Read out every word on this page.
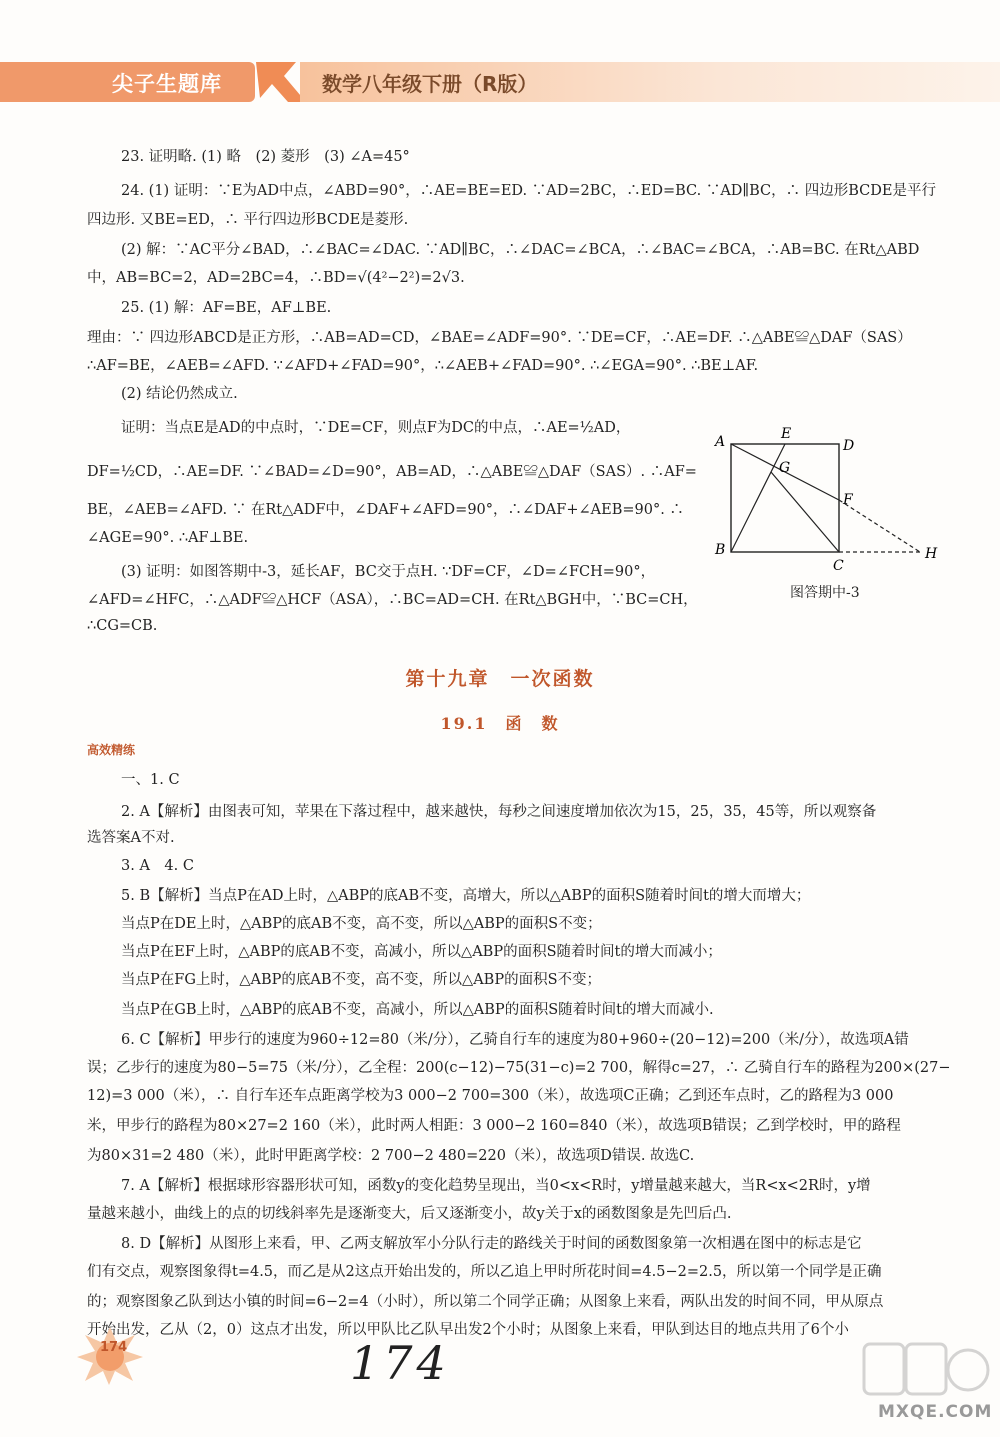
尖子生题库	数学八年级下册（R版）
23. 证明略. (1) 略　(2) 菱形　(3) ∠A=45°
24. (1) 证明：∵E为AD中点，∠ABD=90°，∴AE=BE=ED. ∵AD=2BC，∴ED=BC. ∵AD∥BC，∴ 四边形BCDE是平行
四边形. 又BE=ED，∴ 平行四边形BCDE是菱形.
(2) 解：∵AC平分∠BAD，∴∠BAC=∠DAC. ∵AD∥BC，∴∠DAC=∠BCA，∴∠BAC=∠BCA，∴AB=BC. 在Rt△ABD
中，AB=BC=2，AD=2BC=4，∴BD=√(4²−2²)=2√3.
25. (1) 解：AF=BE，AF⊥BE.
理由：∵ 四边形ABCD是正方形，∴AB=AD=CD，∠BAE=∠ADF=90°. ∵DE=CF，∴AE=DF. ∴△ABE≌△DAF（SAS）
∴AF=BE，∠AEB=∠AFD. ∵∠AFD+∠FAD=90°，∴∠AEB+∠FAD=90°. ∴∠EGA=90°. ∴BE⊥AF.
(2) 结论仍然成立.
证明：当点E是AD的中点时，∵DE=CF，则点F为DC的中点，∴AE=½AD，
DF=½CD，∴AE=DF. ∵∠BAD=∠D=90°，AB=AD，∴△ABE≌△DAF（SAS）. ∴AF=
BE，∠AEB=∠AFD. ∵ 在Rt△ADF中，∠DAF+∠AFD=90°，∴∠DAF+∠AEB=90°. ∴
∠AGE=90°. ∴AF⊥BE.
(3) 证明：如图答期中-3，延长AF，BC交于点H. ∵DF=CF，∠D=∠FCH=90°，
∠AFD=∠HFC，∴△ADF≌△HCF（ASA），∴BC=AD=CH. 在Rt△BGH中，∵BC=CH，
∴CG=CB.
A	E
D
G
F
B
C
H
图答期中-3
第十九章　一次函数
19.1　函　数
高效精练
一、1. C
2. A【解析】由图表可知，苹果在下落过程中，越来越快，每秒之间速度增加依次为15，25，35，45等，所以观察备
选答案A不对.
3. A　4. C
5. B【解析】当点P在AD上时，△ABP的底AB不变，高增大，所以△ABP的面积S随着时间t的增大而增大；
当点P在DE上时，△ABP的底AB不变，高不变，所以△ABP的面积S不变；
当点P在EF上时，△ABP的底AB不变，高减小，所以△ABP的面积S随着时间t的增大而减小；
当点P在FG上时，△ABP的底AB不变，高不变，所以△ABP的面积S不变；
当点P在GB上时，△ABP的底AB不变，高减小，所以△ABP的面积S随着时间t的增大而减小.
6. C【解析】甲步行的速度为960÷12=80（米/分），乙骑自行车的速度为80+960÷(20−12)=200（米/分），故选项A错
误；乙步行的速度为80−5=75（米/分），乙全程：200(c−12)−75(31−c)=2 700，解得c=27，∴ 乙骑自行车的路程为200×(27−
12)=3 000（米），∴ 自行车还车点距离学校为3 000−2 700=300（米），故选项C正确；乙到还车点时，乙的路程为3 000
米，甲步行的路程为80×27=2 160（米），此时两人相距：3 000−2 160=840（米），故选项B错误；乙到学校时，甲的路程
为80×31=2 480（米），此时甲距离学校：2 700−2 480=220（米），故选项D错误. 故选C.
7. A【解析】根据球形容器形状可知，函数y的变化趋势呈现出，当0<x<R时，y增量越来越大，当R<x<2R时，y增
量越来越小，曲线上的点的切线斜率先是逐渐变大，后又逐渐变小，故y关于x的函数图象是先凹后凸.
8. D【解析】从图形上来看，甲、乙两支解放军小分队行走的路线关于时间的函数图象第一次相遇在图中的标志是它
们有交点，观察图象得t=4.5，而乙是从2这点开始出发的，所以乙追上甲时所花时间=4.5−2=2.5，所以第一个同学是正确
的；观察图象乙队到达小镇的时间=6−2=4（小时），所以第二个同学正确；从图象上来看，两队出发的时间不同，甲从原点
开始出发，乙从（2，0）这点才出发，所以甲队比乙队早出发2个小时；从图象上来看，甲队到达目的地点共用了6个小
174	174
MXQE.COM
